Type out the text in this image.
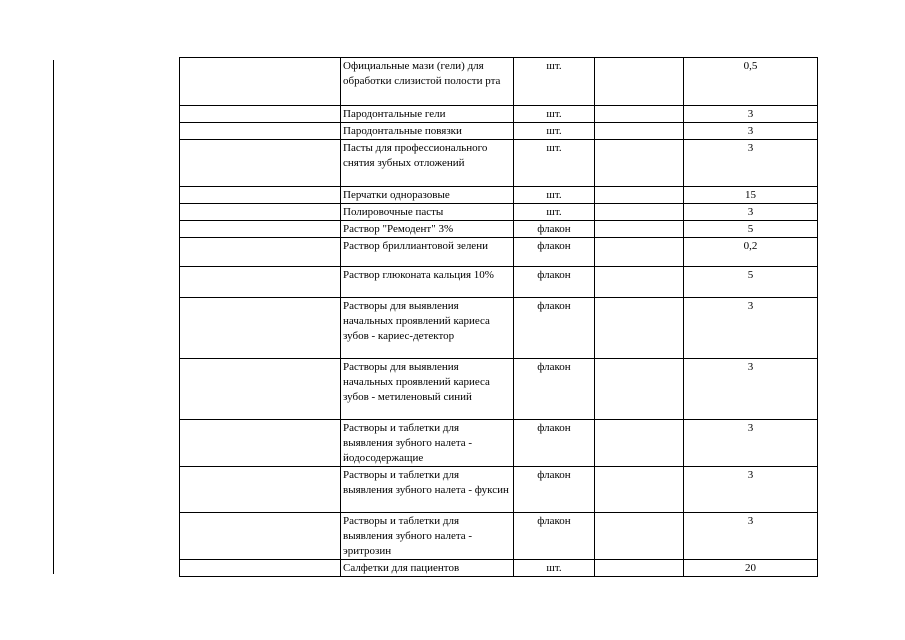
	Официальные мази (гели) для обработки слизистой полости рта	шт.		0,5
	Пародонтальные гели	шт.		3
	Пародонтальные повязки	шт.		3
	Пасты для профессионального снятия зубных отложений	шт.		3
	Перчатки одноразовые	шт.		15
	Полировочные пасты	шт.		3
	Раствор "Ремодент" 3%	флакон		5
	Раствор бриллиантовой зелени	флакон		0,2
	Раствор глюконата кальция 10%	флакон		5
	Растворы для выявления начальных проявлений кариеса зубов - кариес-детектор	флакон		3
	Растворы для выявления начальных проявлений кариеса зубов - метиленовый синий	флакон		3
	Растворы и таблетки для выявления зубного налета - йодосодержащие	флакон		3
	Растворы и таблетки для выявления зубного налета - фуксин	флакон		3
	Растворы и таблетки для выявления зубного налета - эритрозин	флакон		3
	Салфетки для пациентов	шт.		20
